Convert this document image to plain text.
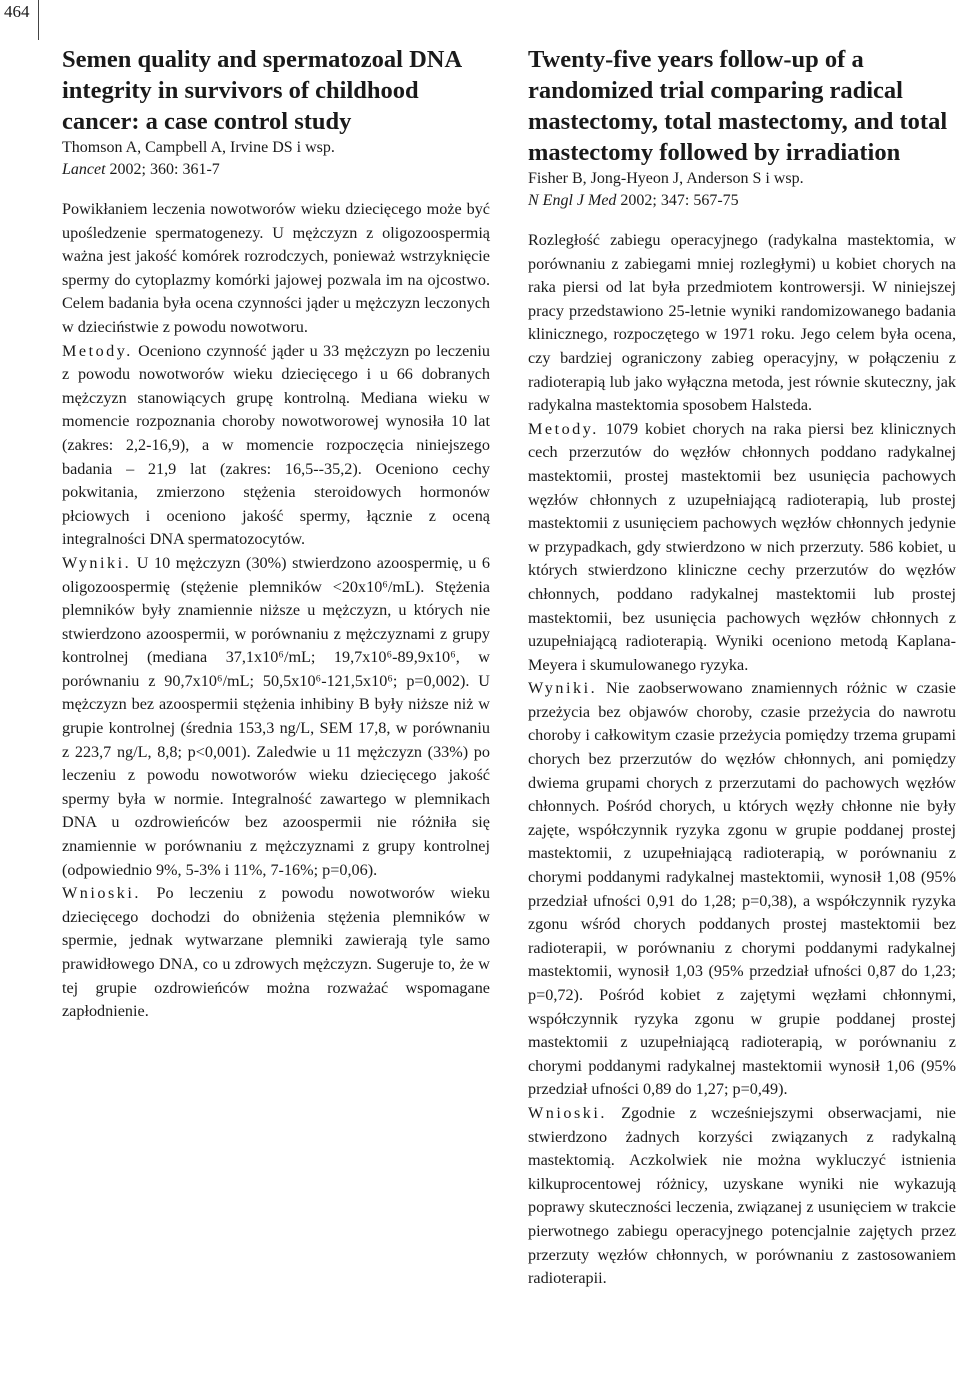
464
Semen quality and spermatozoal DNA integrity in survivors of childhood cancer: a case control study

Thomson A, Campbell A, Irvine DS i wsp.

Lancet 2002; 360: 361-7

Powikłaniem leczenia nowotworów wieku dziecięcego może być upośledzenie spermatogenezy. U mężczyzn z oligozoospermią ważna jest jakość komórek rozrodczych, ponieważ wstrzyknięcie spermy do cytoplazmy komórki jajowej pozwala im na ojcostwo. Celem badania była ocena czynności jąder u mężczyzn leczonych w dzieciństwie z powodu nowotworu.

Metody. Oceniono czynność jąder u 33 mężczyzn po leczeniu z powodu nowotworów wieku dziecięcego i u 66 dobranych mężczyzn stanowiących grupę kontrolną. Mediana wieku w momencie rozpoznania choroby nowotworowej wynosiła 10 lat (zakres: 2,2-16,9), a w momencie rozpoczęcia niniejszego badania – 21,9 lat (zakres: 16,5--35,2). Oceniono cechy pokwitania, zmierzono stężenia steroidowych hormonów płciowych i oceniono jakość spermy, łącznie z oceną integralności DNA spermatozocytów.

Wyniki. U 10 mężczyzn (30%) stwierdzono azoospermię, u 6 oligozoospermię (stężenie plemników <20x10⁶/mL). Stężenia plemników były znamiennie niższe u mężczyzn, u których nie stwierdzono azoospermii, w porównaniu z mężczyznami z grupy kontrolnej (mediana 37,1x10⁶/mL; 19,7x10⁶-89,9x10⁶, w porównaniu z 90,7x10⁶/mL; 50,5x10⁶-121,5x10⁶; p=0,002). U mężczyzn bez azoospermii stężenia inhibiny B były niższe niż w grupie kontrolnej (średnia 153,3 ng/L, SEM 17,8, w porównaniu z 223,7 ng/L, 8,8; p<0,001). Zaledwie u 11 mężczyzn (33%) po leczeniu z powodu nowotworów wieku dziecięcego jakość spermy była w normie. Integralność zawartego w plemnikach DNA u ozdrowieńców bez azoospermii nie różniła się znamiennie w porównaniu z mężczyznami z grupy kontrolnej (odpowiednio 9%, 5-3% i 11%, 7-16%; p=0,06).

Wnioski. Po leczeniu z powodu nowotworów wieku dziecięcego dochodzi do obniżenia stężenia plemników w spermie, jednak wytwarzane plemniki zawierają tyle samo prawidłowego DNA, co u zdrowych mężczyzn. Sugeruje to, że w tej grupie ozdrowieńców można rozważać wspomagane zapłodnienie.

Twenty-five years follow-up of a randomized trial comparing radical mastectomy, total mastectomy, and total mastectomy followed by irradiation

Fisher B, Jong-Hyeon J, Anderson S i wsp.

N Engl J Med 2002; 347: 567-75

Rozległość zabiegu operacyjnego (radykalna mastektomia, w porównaniu z zabiegami mniej rozległymi) u kobiet chorych na raka piersi od lat była przedmiotem kontrowersji. W niniejszej pracy przedstawiono 25-letnie wyniki randomizowanego badania klinicznego, rozpoczętego w 1971 roku. Jego celem była ocena, czy bardziej ograniczony zabieg operacyjny, w połączeniu z radioterapią lub jako wyłączna metoda, jest równie skuteczny, jak radykalna mastektomia sposobem Halsteda.

Metody. 1079 kobiet chorych na raka piersi bez klinicznych cech przerzutów do węzłów chłonnych poddano radykalnej mastektomii, prostej mastektomii bez usunięcia pachowych węzłów chłonnych z uzupełniającą radioterapią, lub prostej mastektomii z usunięciem pachowych węzłów chłonnych jedynie w przypadkach, gdy stwierdzono w nich przerzuty. 586 kobiet, u których stwierdzono kliniczne cechy przerzutów do węzłów chłonnych, poddano radykalnej mastektomii lub prostej mastektomii, bez usunięcia pachowych węzłów chłonnych z uzupełniającą radioterapią. Wyniki oceniono metodą Kaplana-Meyera i skumulowanego ryzyka.

Wyniki. Nie zaobserwowano znamiennych różnic w czasie przeżycia bez objawów choroby, czasie przeżycia do nawrotu choroby i całkowitym czasie przeżycia pomiędzy trzema grupami chorych bez przerzutów do węzłów chłonnych, ani pomiędzy dwiema grupami chorych z przerzutami do pachowych węzłów chłonnych. Pośród chorych, u których węzły chłonne nie były zajęte, współczynnik ryzyka zgonu w grupie poddanej prostej mastektomii, z uzupełniającą radioterapią, w porównaniu z chorymi poddanymi radykalnej mastektomii, wynosił 1,08 (95% przedział ufności 0,91 do 1,28; p=0,38), a współczynnik ryzyka zgonu wśród chorych poddanych prostej mastektomii bez radioterapii, w porównaniu z chorymi poddanymi radykalnej mastektomii, wynosił 1,03 (95% przedział ufności 0,87 do 1,23; p=0,72). Pośród kobiet z zajętymi węzłami chłonnymi, współczynnik ryzyka zgonu w grupie poddanej prostej mastektomii z uzupełniającą radioterapią, w porównaniu z chorymi poddanymi radykalnej mastektomii wynosił 1,06 (95% przedział ufności 0,89 do 1,27; p=0,49).

Wnioski. Zgodnie z wcześniejszymi obserwacjami, nie stwierdzono żadnych korzyści związanych z radykalną mastektomią. Aczkolwiek nie można wykluczyć istnienia kilkuprocentowej różnicy, uzyskane wyniki nie wykazują poprawy skuteczności leczenia, związanej z usunięciem w trakcie pierwotnego zabiegu operacyjnego potencjalnie zajętych przez przerzuty węzłów chłonnych, w porównaniu z zastosowaniem radioterapii.
